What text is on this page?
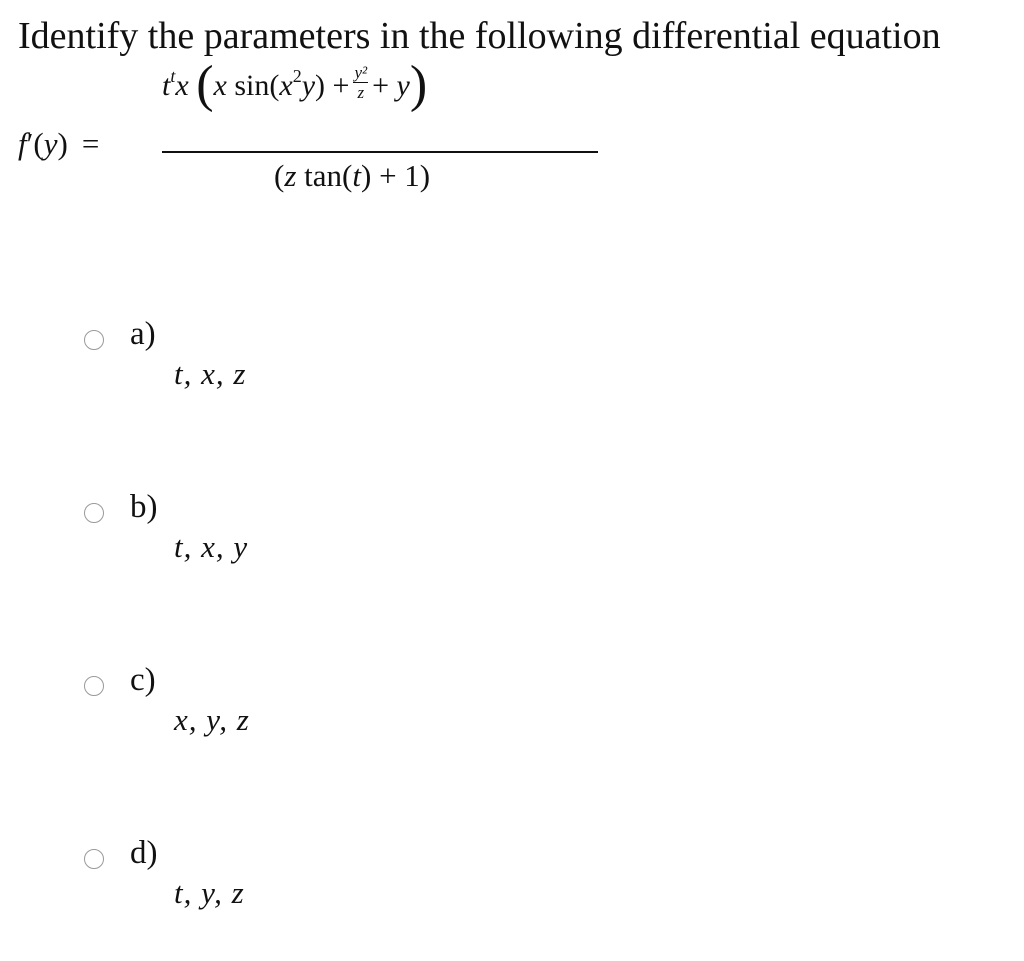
Identify the parameters in the following differential equation
f′(y) =
$t^tx$ (x $\sin(x^2y) + \frac{\text{y²}}{z} + y$)
(z tan(t) + 1)
a)
t, x, z
b)
t, x, y
c)
x, y, z
d)
t, y, z
